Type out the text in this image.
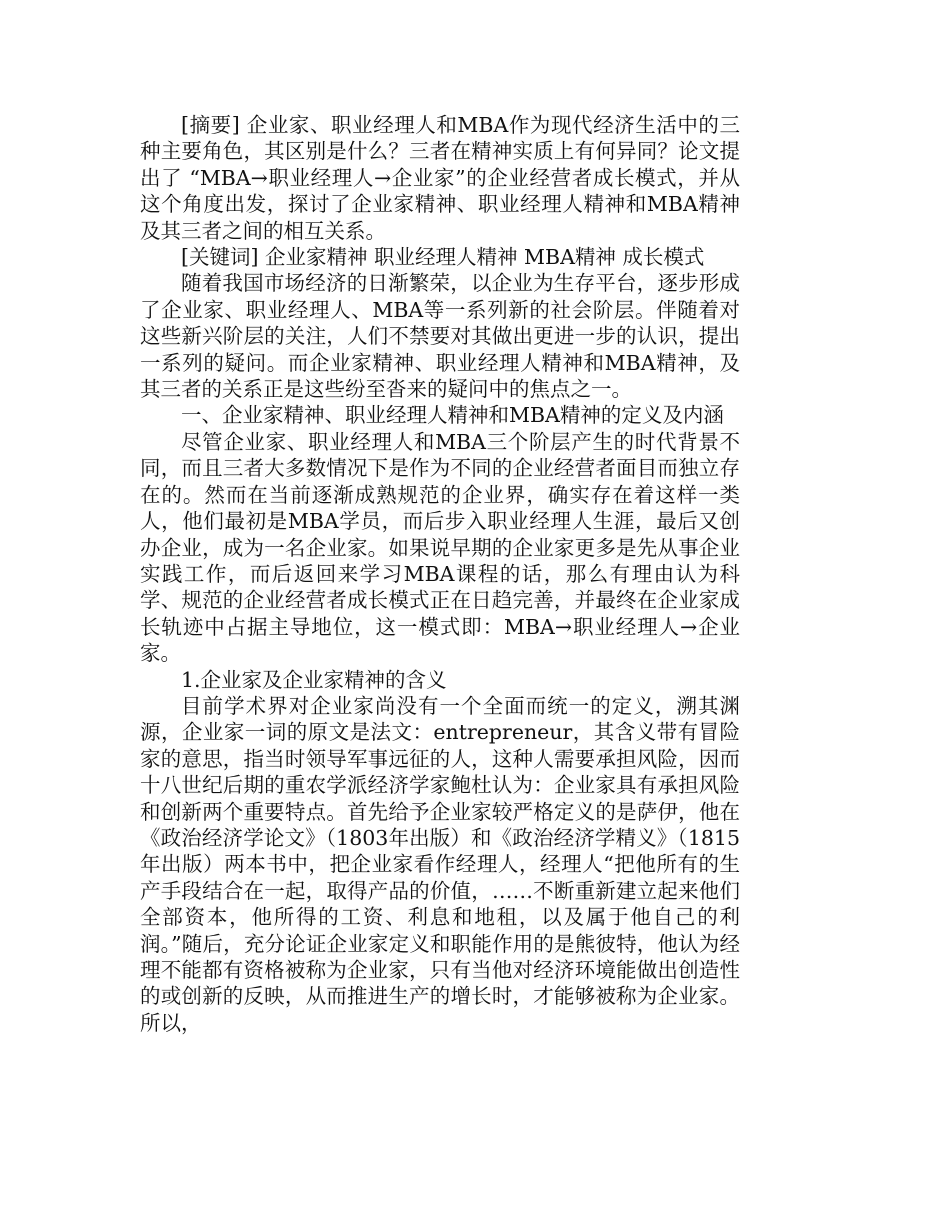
[摘要] 企业家、职业经理人和MBA作为现代经济生活中的三种主要角色，其区别是什么？三者在精神实质上有何异同？论文提出了 “MBA→职业经理人→企业家”的企业经营者成长模式，并从这个角度出发，探讨了企业家精神、职业经理人精神和MBA精神及其三者之间的相互关系。

[关键词] 企业家精神 职业经理人精神 MBA精神 成长模式

随着我国市场经济的日渐繁荣，以企业为生存平台，逐步形成了企业家、职业经理人、MBA等一系列新的社会阶层。伴随着对这些新兴阶层的关注，人们不禁要对其做出更进一步的认识，提出一系列的疑问。而企业家精神、职业经理人精神和MBA精神，及其三者的关系正是这些纷至沓来的疑问中的焦点之一。

一、企业家精神、职业经理人精神和MBA精神的定义及内涵

尽管企业家、职业经理人和MBA三个阶层产生的时代背景不同，而且三者大多数情况下是作为不同的企业经营者面目而独立存在的。然而在当前逐渐成熟规范的企业界，确实存在着这样一类人，他们最初是MBA学员，而后步入职业经理人生涯，最后又创办企业，成为一名企业家。如果说早期的企业家更多是先从事企业实践工作，而后返回来学习MBA课程的话，那么有理由认为科学、规范的企业经营者成长模式正在日趋完善，并最终在企业家成长轨迹中占据主导地位，这一模式即：MBA→职业经理人→企业家。

1.企业家及企业家精神的含义

目前学术界对企业家尚没有一个全面而统一的定义，溯其渊源，企业家一词的原文是法文：entrepreneur，其含义带有冒险家的意思，指当时领导军事远征的人，这种人需要承担风险，因而十八世纪后期的重农学派经济学家鲍杜认为：企业家具有承担风险和创新两个重要特点。首先给予企业家较严格定义的是萨伊，他在《政治经济学论文》（1803年出版）和《政治经济学精义》（1815年出版）两本书中，把企业家看作经理人，经理人“把他所有的生产手段结合在一起，取得产品的价值，……不断重新建立起来他们全部资本，他所得的工资、利息和地租，以及属于他自己的利润。”随后，充分论证企业家定义和职能作用的是熊彼特，他认为经理不能都有资格被称为企业家，只有当他对经济环境能做出创造性的或创新的反映，从而推进生产的增长时，才能够被称为企业家。所以，
